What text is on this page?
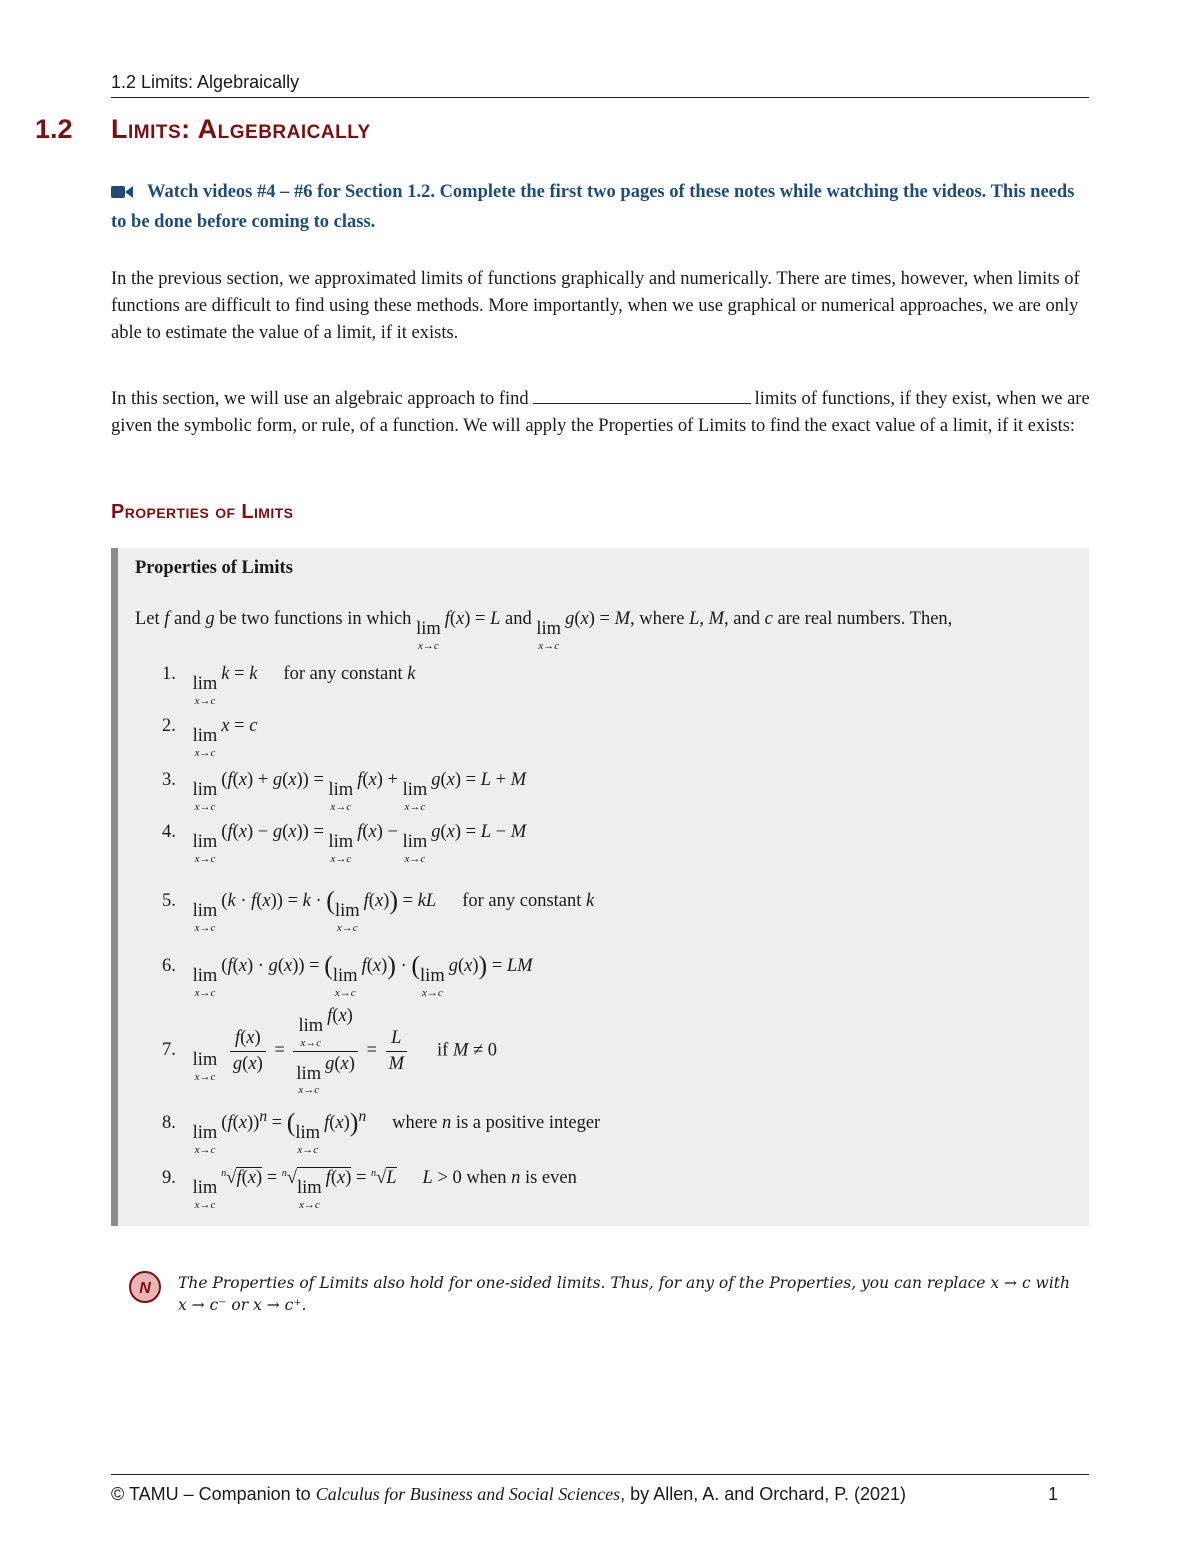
1.2 Limits: Algebraically
1.2 Limits: Algebraically
Watch videos #4 – #6 for Section 1.2. Complete the first two pages of these notes while watching the videos. This needs to be done before coming to class.
In the previous section, we approximated limits of functions graphically and numerically. There are times, however, when limits of functions are difficult to find using these methods. More importantly, when we use graphical or numerical approaches, we are only able to estimate the value of a limit, if it exists.
In this section, we will use an algebraic approach to find	limits of functions, if they exist, when we are given the symbolic form, or rule, of a function. We will apply the Properties of Limits to find the exact value of a limit, if it exists:
Properties of Limits
Properties of Limits
Let f and g be two functions in which lim
x→c
f(x) = L and lim
x→c
g(x) = M, where L, M, and c are real numbers. Then,
1. lim
x→c
k = k for any constant k
2. lim
x→c
x = c
3. lim
x→c
(f(x) + g(x)) = lim
x→c
f(x) + lim
x→c
g(x) = L + M
4. lim
x→c
(f(x) − g(x)) = lim
x→c
f(x) − lim
x→c
g(x) = L − M
5. lim
x→c
(k · f(x)) = k · ( lim
x→c
f(x)) = kL for any constant k
6. lim
x→c
(f(x) · g(x)) = ( lim
x→c
f(x)) · ( lim
x→c
g(x)) = LM
7. lim
x→c

$\frac{f(x)}{g(x)} = \lim$
x→c
f(x)
lim
x→c
$g(x) = \frac{L}{M}$ if M ≠ 0
8. lim
x→c
$(f(x))^n$ = ( lim
x→c
f(x))$^n$ where n is a positive integer
9. lim
x→c
$^n$√f(x) = $^n$√ lim
x→c
f(x) = $^n$√L L > 0 when n is even
N The Properties of Limits also hold for one-sided limits. Thus, for any of the Properties, you can replace x → c with x → c⁻ or x → c⁺.
© TAMU – Companion to Calculus for Business and Social Sciences, by Allen, A. and Orchard, P. (2021)	1
